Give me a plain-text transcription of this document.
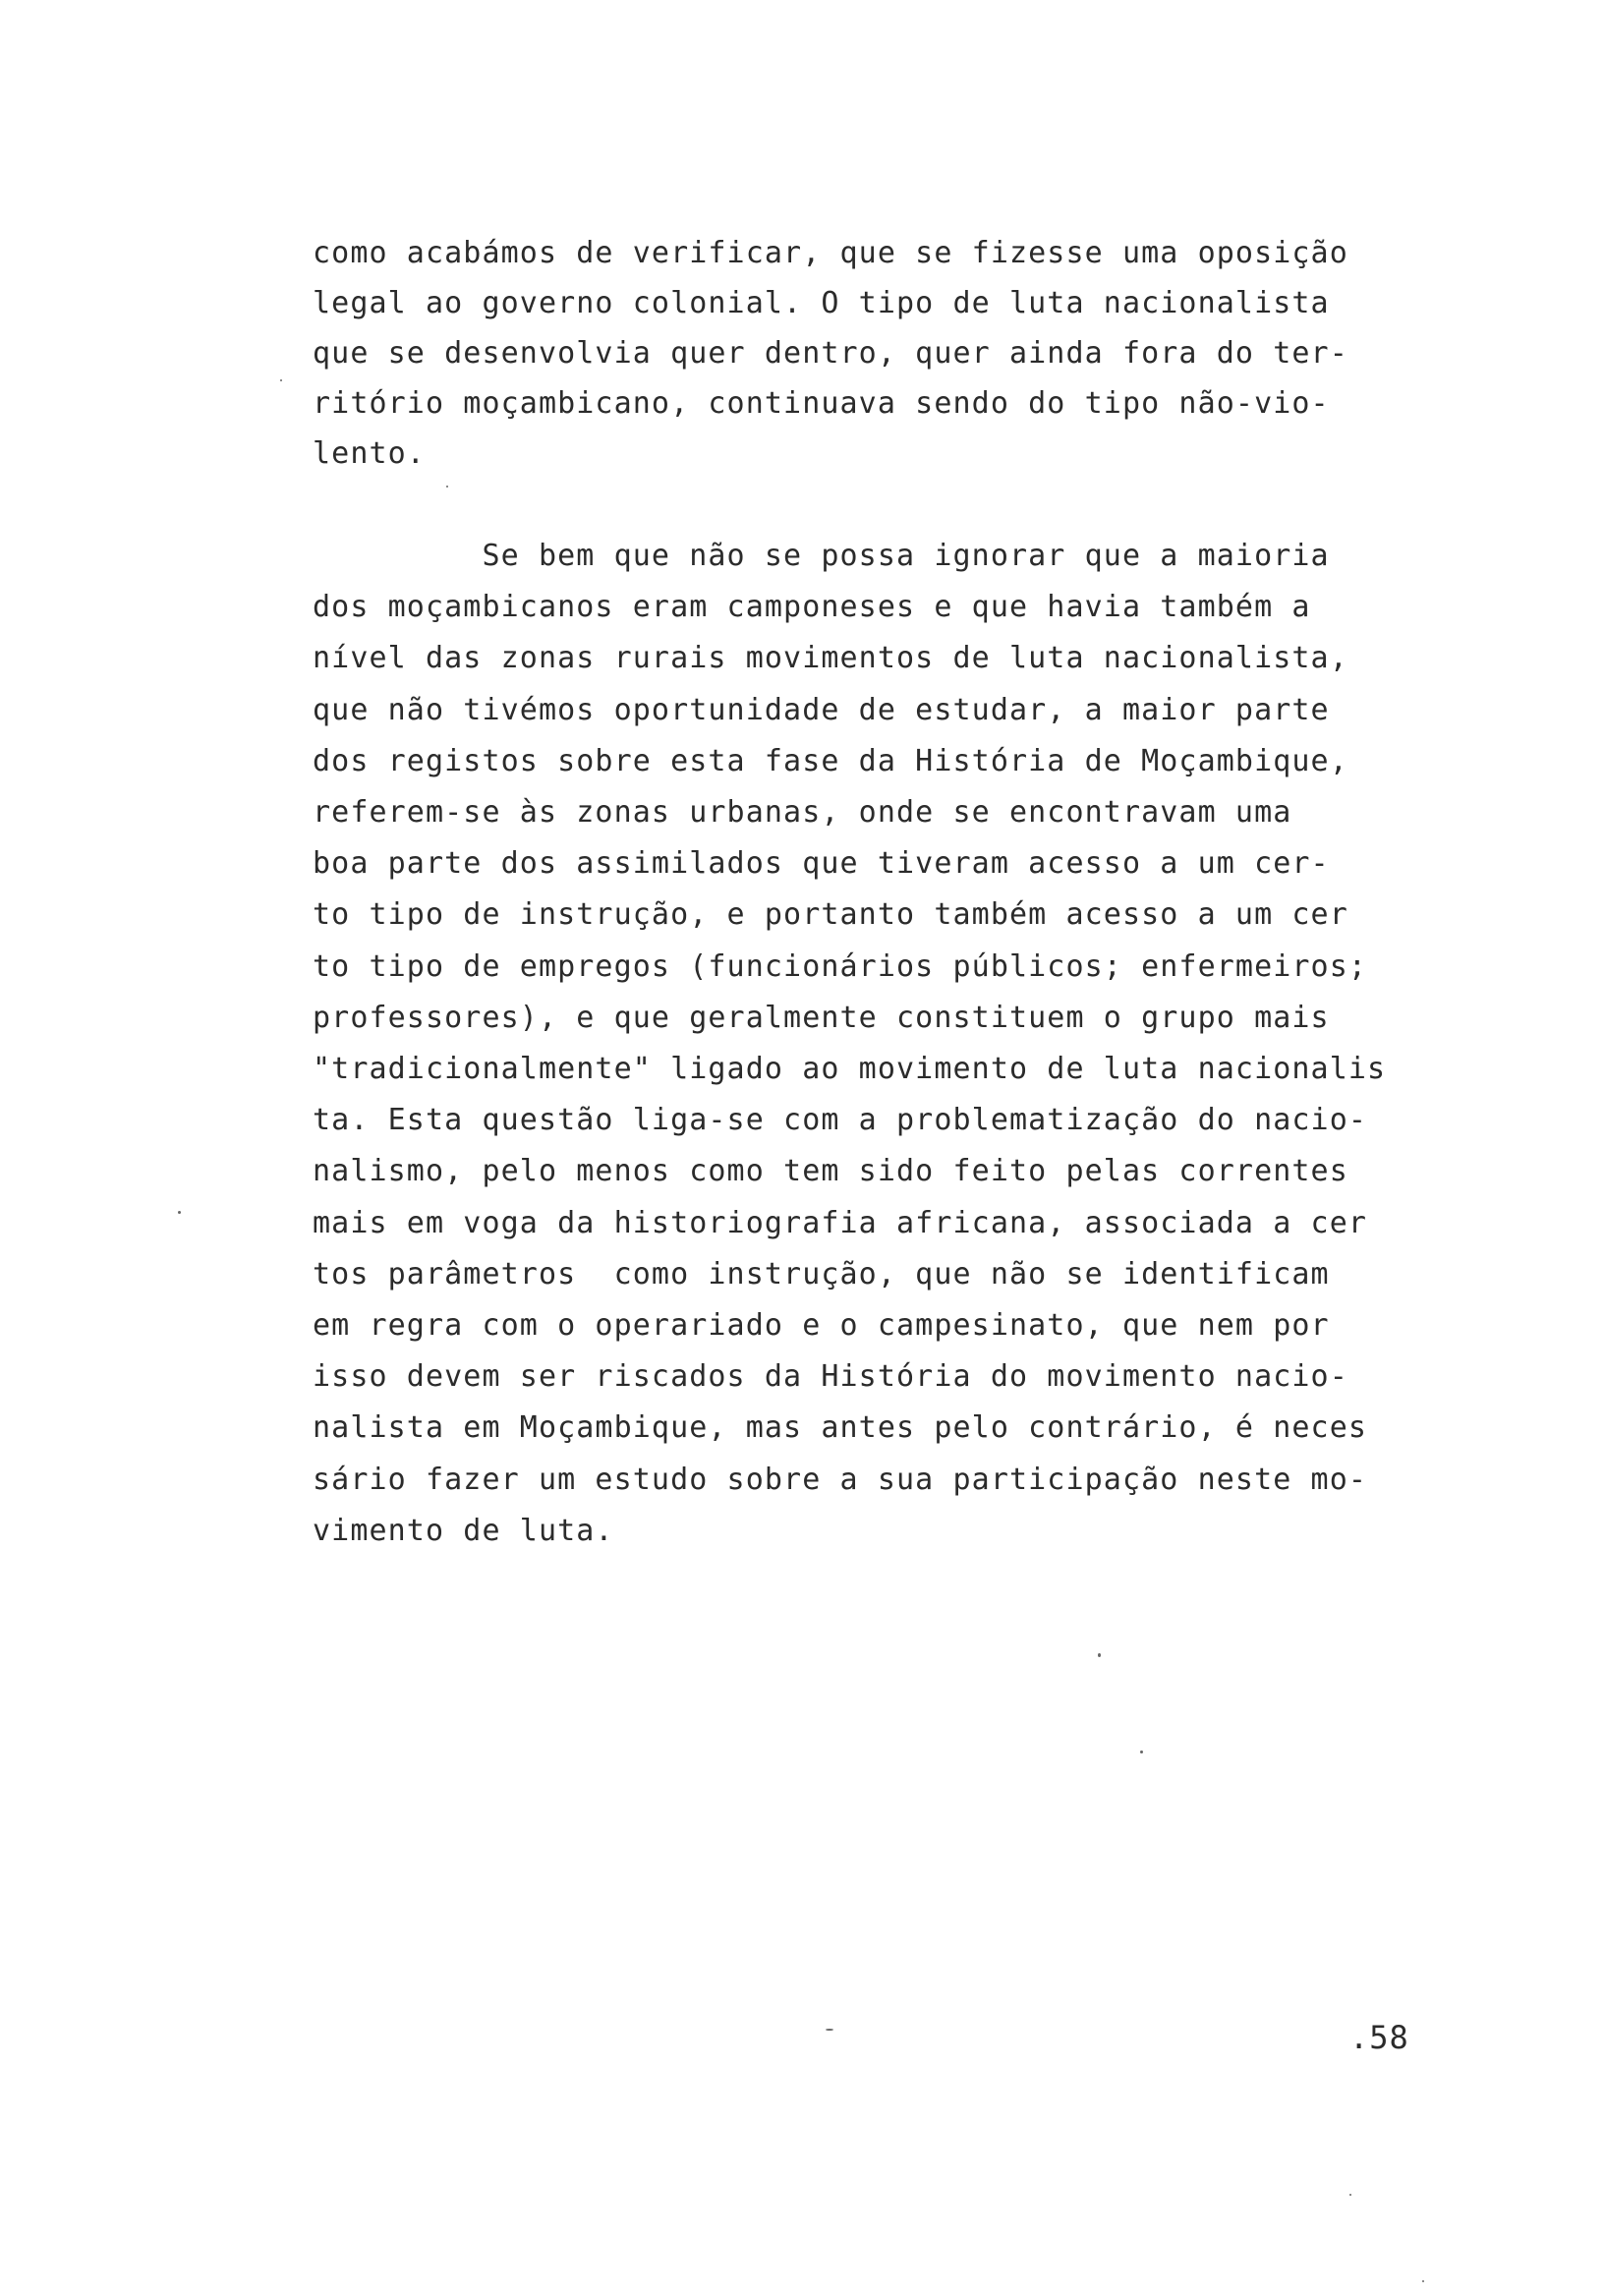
como acabámos de verificar, que se fizesse uma oposição
legal ao governo colonial. O tipo de luta nacionalista
que se desenvolvia quer dentro, quer ainda fora do ter-
ritório moçambicano, continuava sendo do tipo não-vio-
lento.
Se bem que não se possa ignorar que a maioria
dos moçambicanos eram camponeses e que havia também a
nível das zonas rurais movimentos de luta nacionalista,
que não tivémos oportunidade de estudar, a maior parte
dos registos sobre esta fase da História de Moçambique,
referem-se às zonas urbanas, onde se encontravam uma
boa parte dos assimilados que tiveram acesso a um cer-
to tipo de instrução, e portanto também acesso a um cer
to tipo de empregos (funcionários públicos; enfermeiros;
professores), e que geralmente constituem o grupo mais
"tradicionalmente" ligado ao movimento de luta nacionalis
ta. Esta questão liga-se com a problematização do nacio-
nalismo, pelo menos como tem sido feito pelas correntes
mais em voga da historiografia africana, associada a cer
tos parâmetros  como instrução, que não se identificam
em regra com o operariado e o campesinato, que nem por
isso devem ser riscados da História do movimento nacio-
nalista em Moçambique, mas antes pelo contrário, é neces
sário fazer um estudo sobre a sua participação neste mo-
vimento de luta.
.58
